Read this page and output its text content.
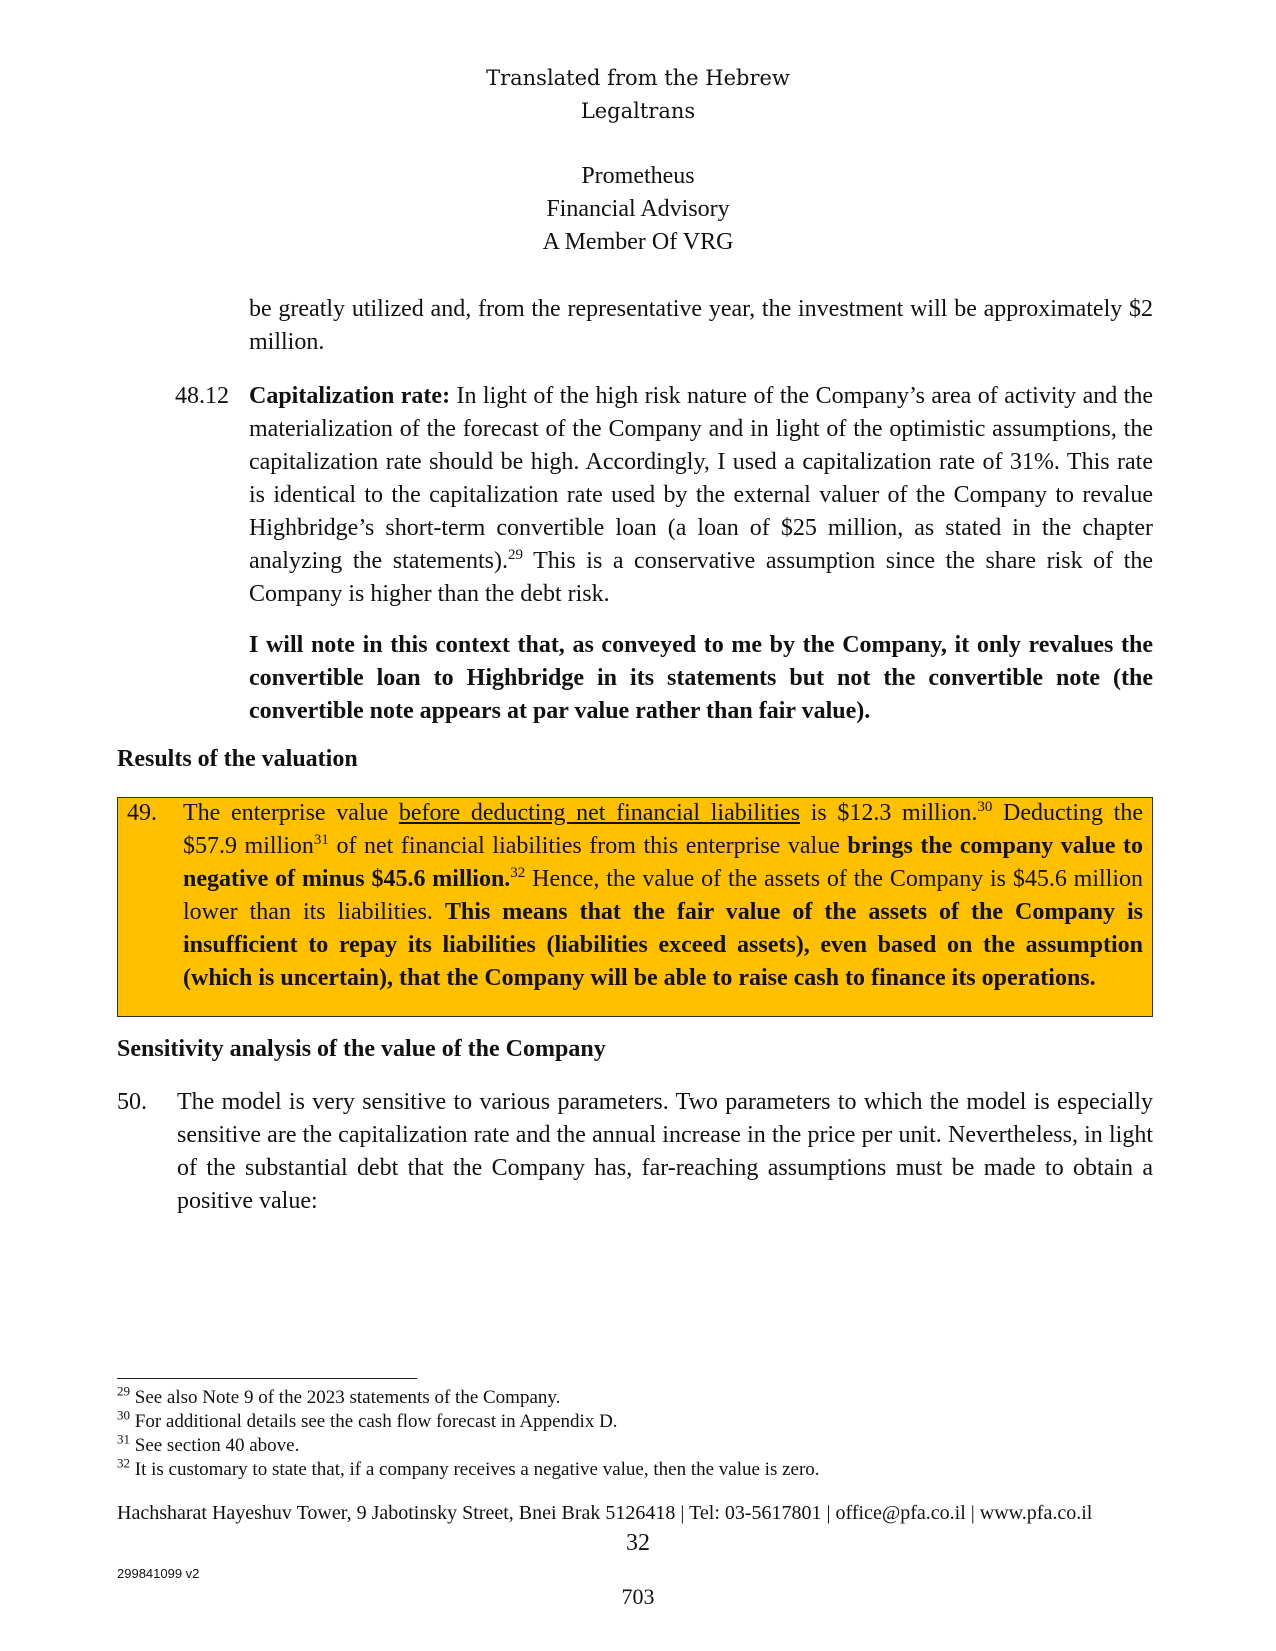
Translated from the Hebrew
Legaltrans
Prometheus
Financial Advisory
A Member Of VRG
be greatly utilized and, from the representative year, the investment will be approximately $2 million.
48.12 Capitalization rate: In light of the high risk nature of the Company’s area of activity and the materialization of the forecast of the Company and in light of the optimistic assumptions, the capitalization rate should be high. Accordingly, I used a capitalization rate of 31%. This rate is identical to the capitalization rate used by the external valuer of the Company to revalue Highbridge’s short-term convertible loan (a loan of $25 million, as stated in the chapter analyzing the statements).$^{29}$ This is a conservative assumption since the share risk of the Company is higher than the debt risk.
I will note in this context that, as conveyed to me by the Company, it only revalues the convertible loan to Highbridge in its statements but not the convertible note (the convertible note appears at par value rather than fair value).
Results of the valuation
49. The enterprise value before deducting net financial liabilities is $12.3 million.$^{30}$ Deducting the $57.9 million$^{31}$ of net financial liabilities from this enterprise value brings the company value to negative of minus $45.6 million.$^{32}$ Hence, the value of the assets of the Company is $45.6 million lower than its liabilities. This means that the fair value of the assets of the Company is insufficient to repay its liabilities (liabilities exceed assets), even based on the assumption (which is uncertain), that the Company will be able to raise cash to finance its operations.
Sensitivity analysis of the value of the Company
50. The model is very sensitive to various parameters. Two parameters to which the model is especially sensitive are the capitalization rate and the annual increase in the price per unit. Nevertheless, in light of the substantial debt that the Company has, far-reaching assumptions must be made to obtain a positive value:
$^{29}$ See also Note 9 of the 2023 statements of the Company.
$^{30}$ For additional details see the cash flow forecast in Appendix D.
$^{31}$ See section 40 above.
$^{32}$ It is customary to state that, if a company receives a negative value, then the value is zero.
Hachsharat Hayeshuv Tower, 9 Jabotinsky Street, Bnei Brak 5126418 | Tel: 03-5617801 | office@pfa.co.il | www.pfa.co.il
32
299841099 v2
703
